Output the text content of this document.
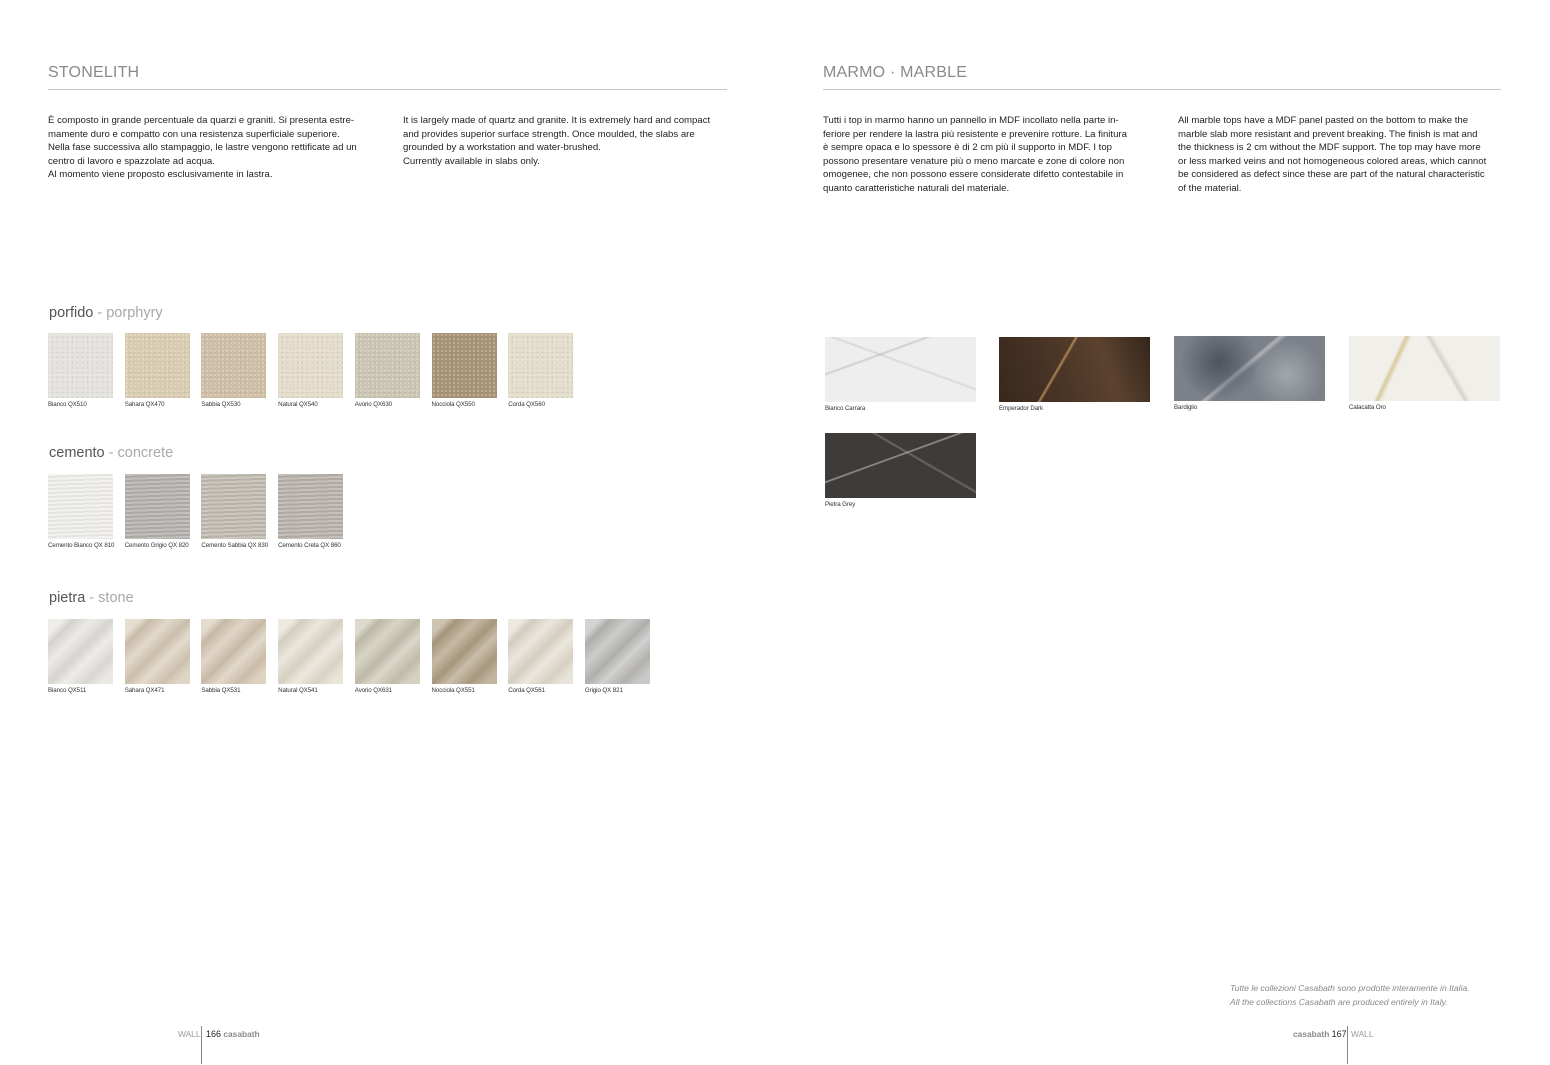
STONELITH
È composto in grande percentuale da quarzi e graniti. Si presenta estre-
mamente duro e compatto con una resistenza superficiale superiore.
Nella fase successiva allo stampaggio, le lastre vengono rettificate ad un
centro di lavoro e spazzolate ad acqua.
Al momento viene proposto esclusivamente in lastra.
It is largely made of quartz and granite. It is extremely hard and compact
and provides superior surface strength. Once moulded, the slabs are
grounded by a workstation and water-brushed.
Currently available in slabs only.
porfido - porphyry
Bianco QX510	Sahara QX470	Sabbia QX530	Natural QX540	Avorio QX630	Nocciola QX550	Corda QX560
cemento - concrete
Cemento Bianco QX 810 Cemento Grigio QX 820 Cemento Sabbia QX 830 Cemento Creta QX 860
pietra - stone
Bianco QX511	Sahara QX471	Sabbia QX531	Natural QX541	Avorio QX631	Nocciola QX551	Corda QX561	Grigio QX 821
WALL 166 casabath
MARMO · MARBLE
Tutti i top in marmo hanno un pannello in MDF incollato nella parte in-
feriore per rendere la lastra più resistente e prevenire rotture. La finitura
è sempre opaca e lo spessore è di 2 cm più il supporto in MDF. I top
possono presentare venature più o meno marcate e zone di colore non
omogenee, che non possono essere considerate difetto contestabile in
quanto caratteristiche naturali del materiale.
All marble tops have a MDF panel pasted on the bottom to make the
marble slab more resistant and prevent breaking. The finish is mat and
the thickness is 2 cm without the MDF support. The top may have more
or less marked veins and not homogeneous colored areas, which cannot
be considered as defect since these are part of the natural characteristic
of the material.
Bianco Carrara	Emperador Dark	Bardiglio	Calacatta Oro
Pietra Grey
Tutte le collezioni Casabath sono prodotte interamente in Italia.
All the collections Casabath are produced entirely in Italy.
casabath 167 WALL
